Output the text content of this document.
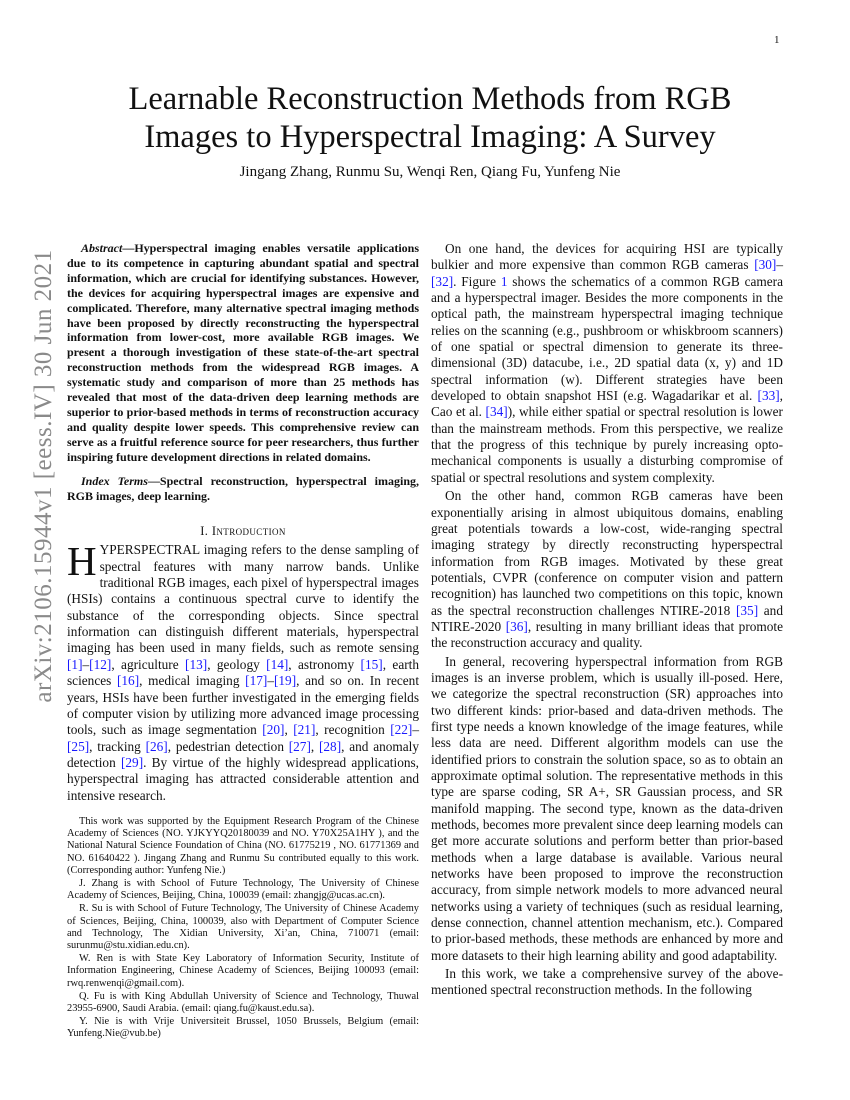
1
arXiv:2106.15944v1 [eess.IV] 30 Jun 2021
Learnable Reconstruction Methods from RGB Images to Hyperspectral Imaging: A Survey
Jingang Zhang, Runmu Su, Wenqi Ren, Qiang Fu, Yunfeng Nie

Abstract—Hyperspectral imaging enables versatile applications due to its competence in capturing abundant spatial and spectral information, which are crucial for identifying substances. However, the devices for acquiring hyperspectral images are expensive and complicated. Therefore, many alternative spectral imaging methods have been proposed by directly reconstructing the hyperspectral information from lower-cost, more available RGB images. We present a thorough investigation of these state-of-the-art spectral reconstruction methods from the widespread RGB images. A systematic study and comparison of more than 25 methods has revealed that most of the data-driven deep learning methods are superior to prior-based methods in terms of reconstruction accuracy and quality despite lower speeds. This comprehensive review can serve as a fruitful reference source for peer researchers, thus further inspiring future development directions in related domains.

Index Terms—Spectral reconstruction, hyperspectral imaging, RGB images, deep learning.

I. Introduction

HYPERSPECTRAL imaging refers to the dense sampling of spectral features with many narrow bands. Unlike traditional RGB images, each pixel of hyperspectral images (HSIs) contains a continuous spectral curve to identify the substance of the corresponding objects. Since spectral information can distinguish different materials, hyperspectral imaging has been used in many fields, such as remote sensing [1]–[12], agriculture [13], geology [14], astronomy [15], earth sciences [16], medical imaging [17]–[19], and so on. In recent years, HSIs have been further investigated in the emerging fields of computer vision by utilizing more advanced image processing tools, such as image segmentation [20], [21], recognition [22]–[25], tracking [26], pedestrian detection [27], [28], and anomaly detection [29]. By virtue of the highly widespread applications, hyperspectral imaging has attracted considerable attention and intensive research.

This work was supported by the Equipment Research Program of the Chinese Academy of Sciences (NO. YJKYYQ20180039 and NO. Y70X25A1HY ), and the National Natural Science Foundation of China (NO. 61775219 , NO. 61771369 and NO. 61640422 ). Jingang Zhang and Runmu Su contributed equally to this work. (Corresponding author: Yunfeng Nie.)

J. Zhang is with School of Future Technology, The University of Chinese Academy of Sciences, Beijing, China, 100039 (email: zhangjg@ucas.ac.cn).

R. Su is with School of Future Technology, The University of Chinese Academy of Sciences, Beijing, China, 100039, also with Department of Computer Science and Technology, The Xidian University, Xi’an, China, 710071 (email: surunmu@stu.xidian.edu.cn).

W. Ren is with State Key Laboratory of Information Security, Institute of Information Engineering, Chinese Academy of Sciences, Beijing 100093 (email: rwq.renwenqi@gmail.com).

Q. Fu is with King Abdullah University of Science and Technology, Thuwal 23955-6900, Saudi Arabia. (email: qiang.fu@kaust.edu.sa).

Y. Nie is with Vrije Universiteit Brussel, 1050 Brussels, Belgium (email: Yunfeng.Nie@vub.be)

On one hand, the devices for acquiring HSI are typically bulkier and more expensive than common RGB cameras [30]–[32]. Figure 1 shows the schematics of a common RGB camera and a hyperspectral imager. Besides the more components in the optical path, the mainstream hyperspectral imaging technique relies on the scanning (e.g., pushbroom or whiskbroom scanners) of one spatial or spectral dimension to generate its three-dimensional (3D) datacube, i.e., 2D spatial data (x, y) and 1D spectral information (w). Different strategies have been developed to obtain snapshot HSI (e.g. Wagadarikar et al. [33], Cao et al. [34]), while either spatial or spectral resolution is lower than the mainstream methods. From this perspective, we realize that the progress of this technique by purely increasing opto-mechanical components is usually a disturbing compromise of spatial or spectral resolutions and system complexity.

On the other hand, common RGB cameras have been exponentially arising in almost ubiquitous domains, enabling great potentials towards a low-cost, wide-ranging spectral imaging strategy by directly reconstructing hyperspectral information from RGB images. Motivated by these great potentials, CVPR (conference on computer vision and pattern recognition) has launched two competitions on this topic, known as the spectral reconstruction challenges NTIRE-2018 [35] and NTIRE-2020 [36], resulting in many brilliant ideas that promote the reconstruction accuracy and quality.

In general, recovering hyperspectral information from RGB images is an inverse problem, which is usually ill-posed. Here, we categorize the spectral reconstruction (SR) approaches into two different kinds: prior-based and data-driven methods. The first type needs a known knowledge of the image features, while less data are need. Different algorithm models can use the identified priors to constrain the solution space, so as to obtain an approximate optimal solution. The representative methods in this type are sparse coding, SR A+, SR Gaussian process, and SR manifold mapping. The second type, known as the data-driven methods, becomes more prevalent since deep learning models can get more accurate solutions and perform better than prior-based methods when a large database is available. Various neural networks have been proposed to improve the reconstruction accuracy, from simple network models to more advanced neural networks using a variety of techniques (such as residual learning, dense connection, channel attention mechanism, etc.). Compared to prior-based methods, these methods are enhanced by more and more datasets to their high learning ability and good adaptability.

In this work, we take a comprehensive survey of the above-mentioned spectral reconstruction methods. In the following
